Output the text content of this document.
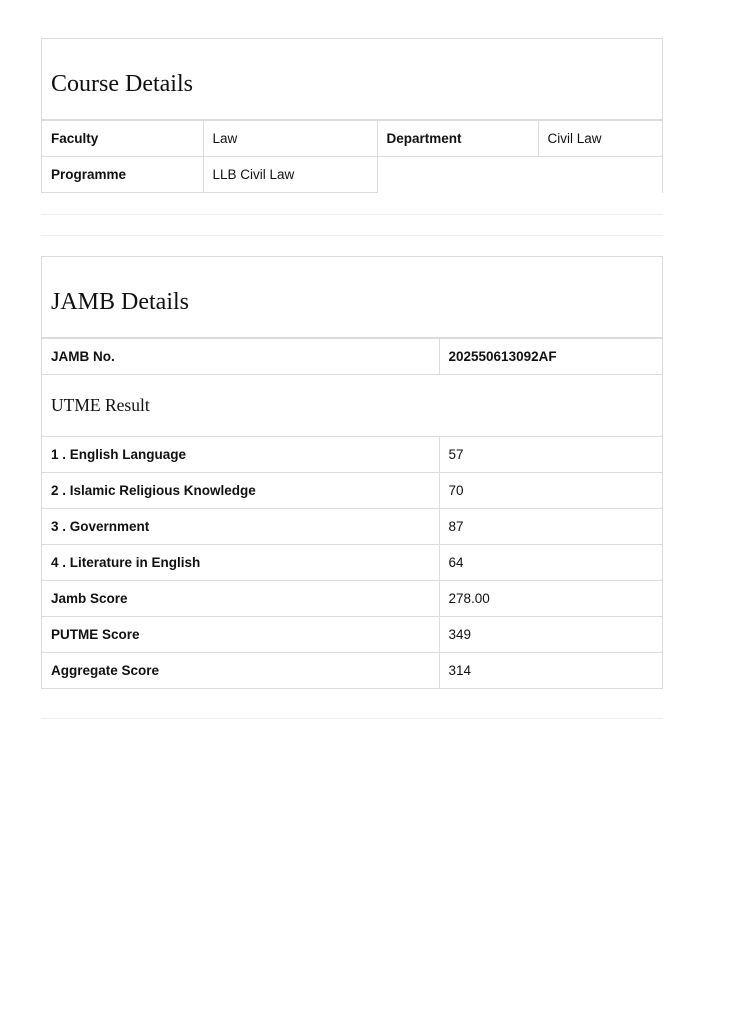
Course Details
Faculty	Law	Department	Civil Law
Programme	LLB Civil Law		
JAMB Details
JAMB No.	202550613092AF
UTME Result	
1 . English Language	57
2 . Islamic Religious Knowledge	70
3 . Government	87
4 . Literature in English	64
Jamb Score	278.00
PUTME Score	349
Aggregate Score	314
